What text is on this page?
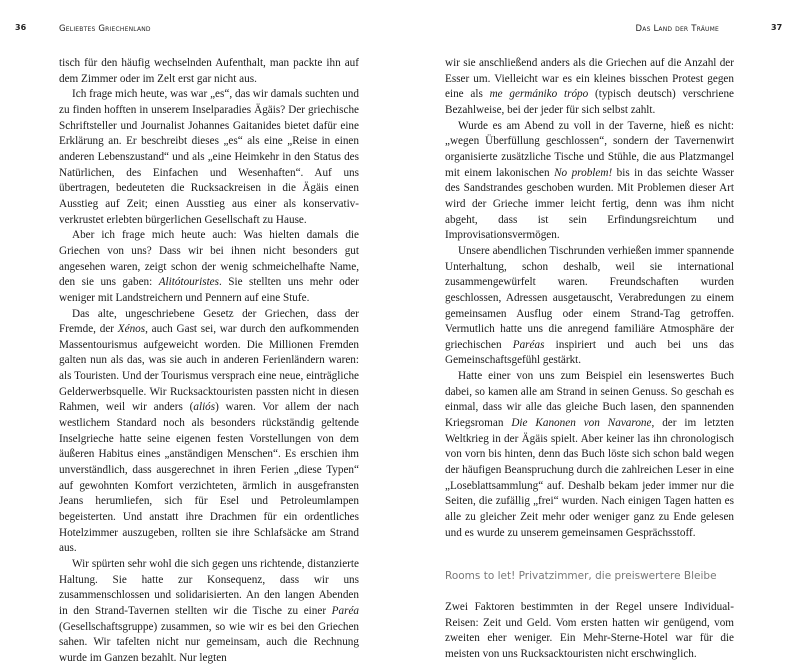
36	Geliebtes Griechenland

tisch für den häufig wechselnden Aufenthalt, man packte ihn auf dem Zimmer oder im Zelt erst gar nicht aus.

Ich frage mich heute, was war „es“, das wir damals suchten und zu finden hofften in unserem Inselparadies Ägäis? Der griechische Schriftsteller und Journalist Johannes Gaitanides bietet dafür eine Erklärung an. Er beschreibt dieses „es“ als eine „Reise in einen anderen Lebenszustand“ und als „eine Heimkehr in den Status des Natürlichen, des Einfachen und Wesenhaften“. Auf uns übertragen, bedeuteten die Rucksackreisen in die Ägäis einen Ausstieg auf Zeit; einen Ausstieg aus einer als konservativ-verkrustet erlebten bürgerlichen Gesellschaft zu Hause.

Aber ich frage mich heute auch: Was hielten damals die Griechen von uns? Dass wir bei ihnen nicht besonders gut angesehen waren, zeigt schon der wenig schmeichelhafte Name, den sie uns gaben: Alitótouristes. Sie stellten uns mehr oder weniger mit Landstreichern und Pennern auf eine Stufe.

Das alte, ungeschriebene Gesetz der Griechen, dass der Fremde, der Xénos, auch Gast sei, war durch den aufkommenden Massentourismus aufgeweicht worden. Die Millionen Fremden galten nun als das, was sie auch in anderen Ferienländern waren: als Touristen. Und der Tourismus versprach eine neue, einträgliche Gelderwerbsquelle. Wir Rucksacktouristen passten nicht in diesen Rahmen, weil wir anders (aliós) waren. Vor allem der nach westlichem Standard noch als besonders rückständig geltende Inselgrieche hatte seine eigenen festen Vorstellungen von dem äußeren Habitus eines „anständigen Menschen“. Es erschien ihm unverständlich, dass ausgerechnet in ihren Ferien „diese Typen“ auf gewohnten Komfort verzichteten, ärmlich in ausgefransten Jeans herumliefen, sich für Esel und Petroleumlampen begeisterten. Und anstatt ihre Drachmen für ein ordentliches Hotelzimmer auszugeben, rollten sie ihre Schlafsäcke am Strand aus.

Wir spürten sehr wohl die sich gegen uns richtende, distanzierte Haltung. Sie hatte zur Konsequenz, dass wir uns zusammenschlossen und solidarisierten. An den langen Abenden in den Strand-Tavernen stellten wir die Tische zu einer Paréa (Gesellschaftsgruppe) zusammen, so wie wir es bei den Griechen sahen. Wir tafelten nicht nur gemeinsam, auch die Rechnung wurde im Ganzen bezahlt. Nur legten

Das Land der Träume	37

wir sie anschließend anders als die Griechen auf die Anzahl der Esser um. Vielleicht war es ein kleines bisschen Protest gegen eine als me germániko trópo (typisch deutsch) verschriene Bezahlweise, bei der jeder für sich selbst zahlt.

Wurde es am Abend zu voll in der Taverne, hieß es nicht: „wegen Überfüllung geschlossen“, sondern der Tavernenwirt organisierte zusätzliche Tische und Stühle, die aus Platzmangel mit einem lakonischen No problem! bis in das seichte Wasser des Sandstrandes geschoben wurden. Mit Problemen dieser Art wird der Grieche immer leicht fertig, denn was ihm nicht abgeht, dass ist sein Erfindungsreichtum und Improvisationsvermögen.

Unsere abendlichen Tischrunden verhießen immer spannende Unterhaltung, schon deshalb, weil sie international zusammengewürfelt waren. Freundschaften wurden geschlossen, Adressen ausgetauscht, Verabredungen zu einem gemeinsamen Ausflug oder einem Strand-Tag getroffen. Vermutlich hatte uns die anregend familiäre Atmosphäre der griechischen Paréas inspiriert und auch bei uns das Gemeinschaftsgefühl gestärkt.

Hatte einer von uns zum Beispiel ein lesenswertes Buch dabei, so kamen alle am Strand in seinen Genuss. So geschah es einmal, dass wir alle das gleiche Buch lasen, den spannenden Kriegsroman Die Kanonen von Navarone, der im letzten Weltkrieg in der Ägäis spielt. Aber keiner las ihn chronologisch von vorn bis hinten, denn das Buch löste sich schon bald wegen der häufigen Beanspruchung durch die zahlreichen Leser in eine „Loseblattsammlung“ auf. Deshalb bekam jeder immer nur die Seiten, die zufällig „frei“ wurden. Nach einigen Tagen hatten es alle zu gleicher Zeit mehr oder weniger ganz zu Ende gelesen und es wurde zu unserem gemeinsamen Gesprächsstoff.

Rooms to let! Privatzimmer, die preiswertere Bleibe

Zwei Faktoren bestimmten in der Regel unsere Individual-Reisen: Zeit und Geld. Vom ersten hatten wir genügend, vom zweiten eher weniger. Ein Mehr-Sterne-Hotel war für die meisten von uns Rucksacktouristen nicht erschwinglich.
